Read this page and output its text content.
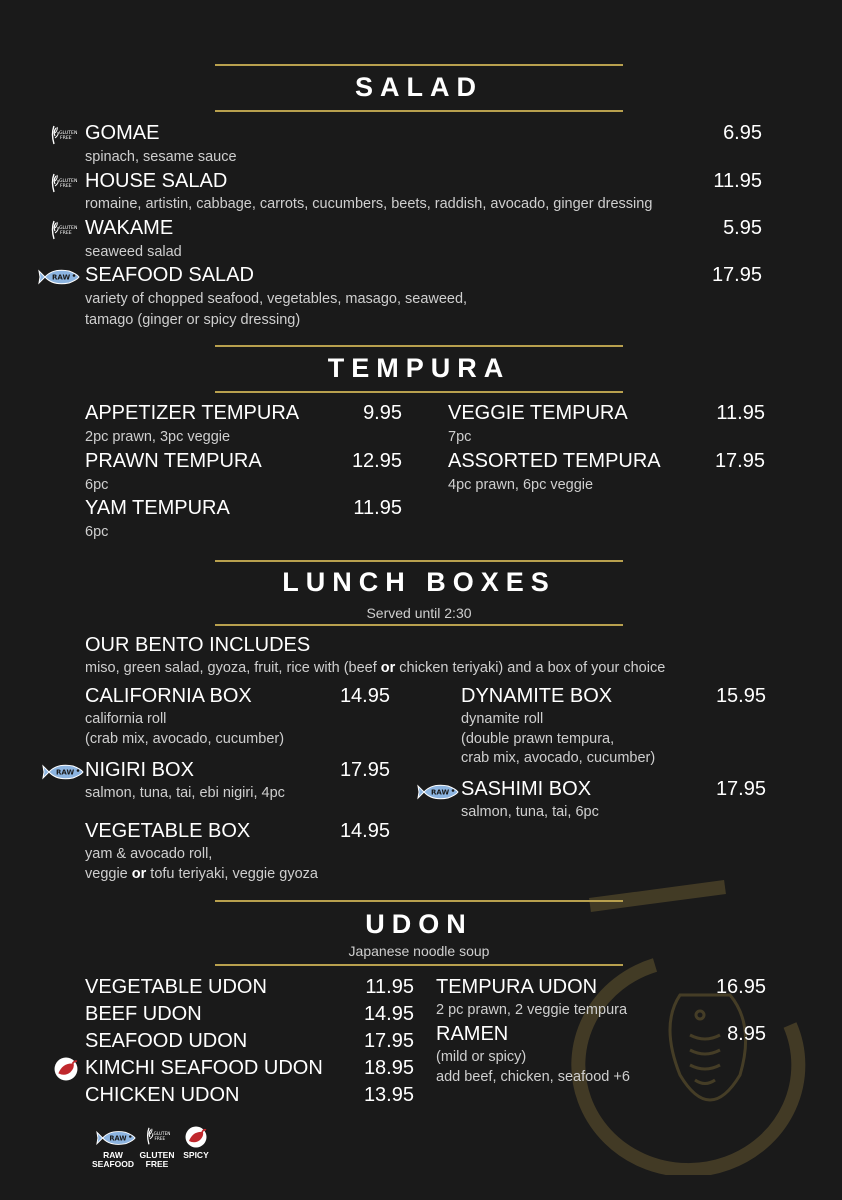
SALAD
GOMAE	6.95
spinach, sesame sauce
HOUSE SALAD	11.95
romaine, artistin, cabbage, carrots, cucumbers, beets, raddish, avocado, ginger dressing
WAKAME	5.95
seaweed salad
SEAFOOD SALAD	17.95
variety of chopped seafood, vegetables, masago, seaweed,
tamago (ginger or spicy dressing)
TEMPURA
APPETIZER TEMPURA	9.95
2pc prawn, 3pc veggie
PRAWN TEMPURA	12.95
6pc
YAM TEMPURA	11.95
6pc
VEGGIE TEMPURA	11.95
7pc
ASSORTED TEMPURA	17.95
4pc prawn, 6pc veggie
LUNCH BOXES
Served until 2:30
OUR BENTO INCLUDES
miso, green salad, gyoza, fruit, rice with (beef or chicken teriyaki) and a box of your choice
CALIFORNIA BOX	14.95
california roll
(crab mix, avocado, cucumber)
NIGIRI BOX	17.95
salmon, tuna, tai, ebi nigiri, 4pc
VEGETABLE BOX	14.95
yam & avocado roll,
veggie or tofu teriyaki, veggie gyoza
DYNAMITE BOX	15.95
dynamite roll
(double prawn tempura,
crab mix, avocado, cucumber)
SASHIMI BOX	17.95
salmon, tuna, tai, 6pc
UDON
Japanese noodle soup
VEGETABLE UDON	11.95
BEEF UDON	14.95
SEAFOOD UDON	17.95
KIMCHI SEAFOOD UDON 18.95
CHICKEN UDON	13.95
TEMPURA UDON	16.95
2 pc prawn, 2 veggie tempura
RAMEN	8.95
(mild or spicy)
add beef, chicken, seafood +6
RAW
SEAFOOD
GLUTEN
FREE
SPICY
